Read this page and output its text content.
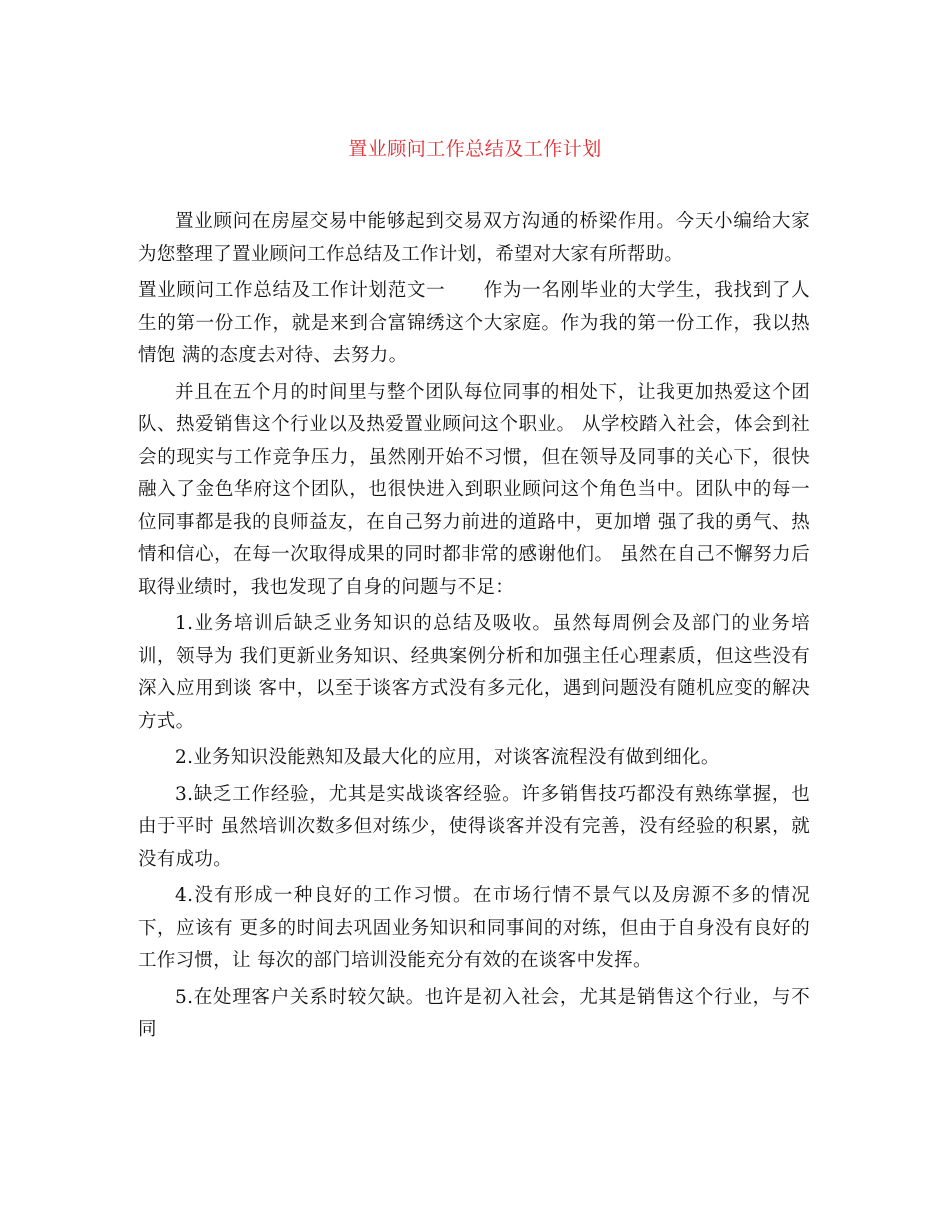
置业顾问工作总结及工作计划

置业顾问在房屋交易中能够起到交易双方沟通的桥梁作用。今天小编给大家为您整理了置业顾问工作总结及工作计划，希望对大家有所帮助。

置业顾问工作总结及工作计划范文一　　作为一名刚毕业的大学生，我找到了人生的第一份工作，就是来到合富锦绣这个大家庭。作为我的第一份工作，我以热情饱 满的态度去对待、去努力。

并且在五个月的时间里与整个团队每位同事的相处下，让我更加热爱这个团队、热爱销售这个行业以及热爱置业顾问这个职业。 从学校踏入社会，体会到社会的现实与工作竞争压力，虽然刚开始不习惯，但在领导及同事的关心下，很快融入了金色华府这个团队，也很快进入到职业顾问这个角色当中。团队中的每一位同事都是我的良师益友，在自己努力前进的道路中，更加增 强了我的勇气、热情和信心，在每一次取得成果的同时都非常的感谢他们。 虽然在自己不懈努力后取得业绩时，我也发现了自身的问题与不足：

1.业务培训后缺乏业务知识的总结及吸收。虽然每周例会及部门的业务培训，领导为 我们更新业务知识、经典案例分析和加强主任心理素质，但这些没有深入应用到谈 客中，以至于谈客方式没有多元化，遇到问题没有随机应变的解决方式。

2.业务知识没能熟知及最大化的应用，对谈客流程没有做到细化。

3.缺乏工作经验，尤其是实战谈客经验。许多销售技巧都没有熟练掌握，也由于平时 虽然培训次数多但对练少，使得谈客并没有完善，没有经验的积累，就没有成功。

4.没有形成一种良好的工作习惯。在市场行情不景气以及房源不多的情况下，应该有 更多的时间去巩固业务知识和同事间的对练，但由于自身没有良好的工作习惯，让 每次的部门培训没能充分有效的在谈客中发挥。

5.在处理客户关系时较欠缺。也许是初入社会，尤其是销售这个行业，与不同
